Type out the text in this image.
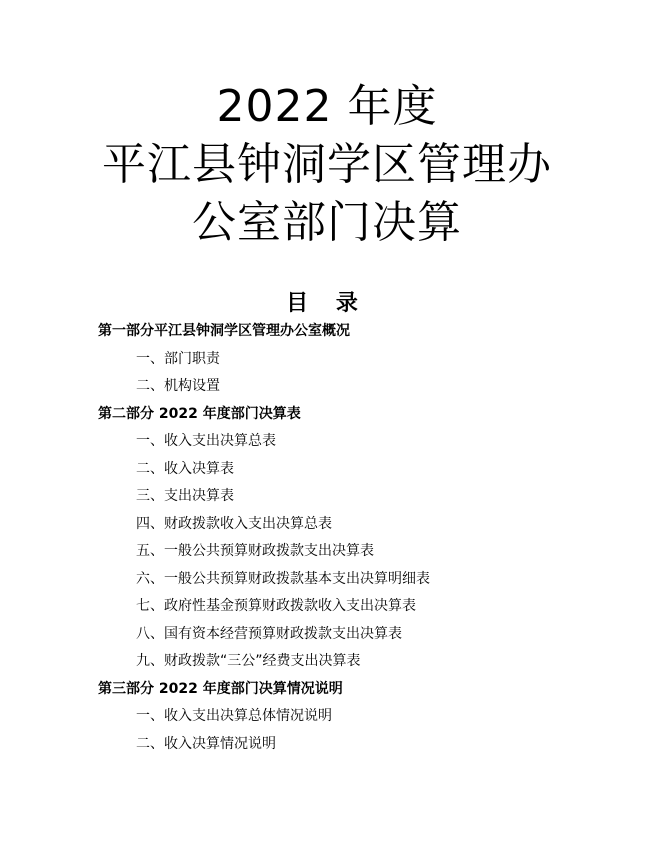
2022 年度
平江县钟洞学区管理办
公室部门决算
目 录
第一部分平江县钟洞学区管理办公室概况
一、部门职责
二、机构设置
第二部分 2022 年度部门决算表
一、收入支出决算总表
二、收入决算表
三、支出决算表
四、财政拨款收入支出决算总表
五、一般公共预算财政拨款支出决算表
六、一般公共预算财政拨款基本支出决算明细表
七、政府性基金预算财政拨款收入支出决算表
八、国有资本经营预算财政拨款支出决算表
九、财政拨款“三公”经费支出决算表
第三部分 2022 年度部门决算情况说明
一、收入支出决算总体情况说明
二、收入决算情况说明
